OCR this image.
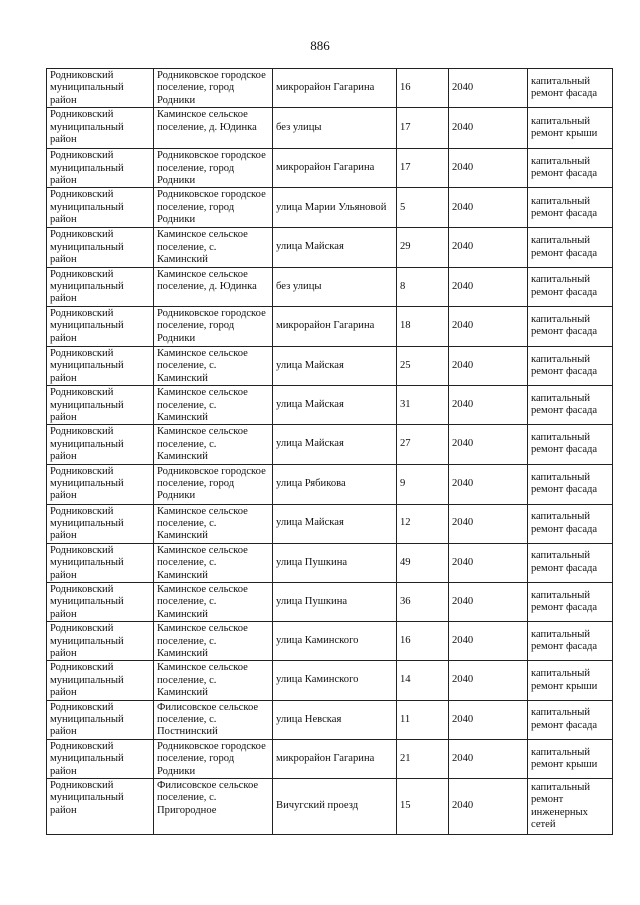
886
Родниковский муниципальный район	Родниковское городское поселение, город Родники	микрорайон Гагарина	16	2040	капитальный ремонт фасада
Родниковский муниципальный район	Каминское сельское поселение, д. Юдинка	без улицы	17	2040	капитальный ремонт крыши
Родниковский муниципальный район	Родниковское городское поселение, город Родники	микрорайон Гагарина	17	2040	капитальный ремонт фасада
Родниковский муниципальный район	Родниковское городское поселение, город Родники	улица Марии Ульяновой	5	2040	капитальный ремонт фасада
Родниковский муниципальный район	Каминское сельское поселение, с. Каминский	улица Майская	29	2040	капитальный ремонт фасада
Родниковский муниципальный район	Каминское сельское поселение, д. Юдинка	без улицы	8	2040	капитальный ремонт фасада
Родниковский муниципальный район	Родниковское городское поселение, город Родники	микрорайон Гагарина	18	2040	капитальный ремонт фасада
Родниковский муниципальный район	Каминское сельское поселение, с. Каминский	улица Майская	25	2040	капитальный ремонт фасада
Родниковский муниципальный район	Каминское сельское поселение, с. Каминский	улица Майская	31	2040	капитальный ремонт фасада
Родниковский муниципальный район	Каминское сельское поселение, с. Каминский	улица Майская	27	2040	капитальный ремонт фасада
Родниковский муниципальный район	Родниковское городское поселение, город Родники	улица Рябикова	9	2040	капитальный ремонт фасада
Родниковский муниципальный район	Каминское сельское поселение, с. Каминский	улица Майская	12	2040	капитальный ремонт фасада
Родниковский муниципальный район	Каминское сельское поселение, с. Каминский	улица Пушкина	49	2040	капитальный ремонт фасада
Родниковский муниципальный район	Каминское сельское поселение, с. Каминский	улица Пушкина	36	2040	капитальный ремонт фасада
Родниковский муниципальный район	Каминское сельское поселение, с. Каминский	улица Каминского	16	2040	капитальный ремонт фасада
Родниковский муниципальный район	Каминское сельское поселение, с. Каминский	улица Каминского	14	2040	капитальный ремонт крыши
Родниковский муниципальный район	Филисовское сельское поселение, с. Постнинский	улица Невская	11	2040	капитальный ремонт фасада
Родниковский муниципальный район	Родниковское городское поселение, город Родники	микрорайон Гагарина	21	2040	капитальный ремонт крыши
Родниковский муниципальный район	Филисовское сельское поселение, с. Пригородное	Вичугский проезд	15	2040	капитальный ремонт инженерных сетей
